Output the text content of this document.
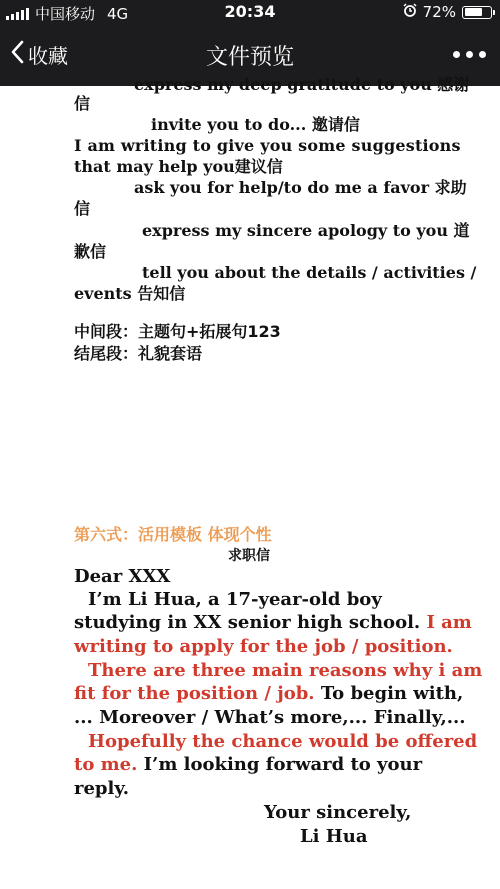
中国移动 4G	20:34	72%
收藏	文件预览
express my deep gratitude to you 感谢
信
invite you to do... 邀请信
I am writing to give you some suggestions
that may help you建议信
ask you for help/to do me a favor 求助
信
express my sincere apology to you 道
歉信
tell you about the details / activities /
events 告知信
中间段：主题句+拓展句123
结尾段：礼貌套语
第六式：活用模板 体现个性
求职信
Dear XXX
I’m Li Hua, a 17-year-old boy
studying in XX senior high school. I am
writing to apply for the job / position.
There are three main reasons why i am
fit for the position / job. To begin with,
... Moreover / What’s more,... Finally,...
Hopefully the chance would be offered
to me. I’m looking forward to your
reply.
Your sincerely,
Li Hua
